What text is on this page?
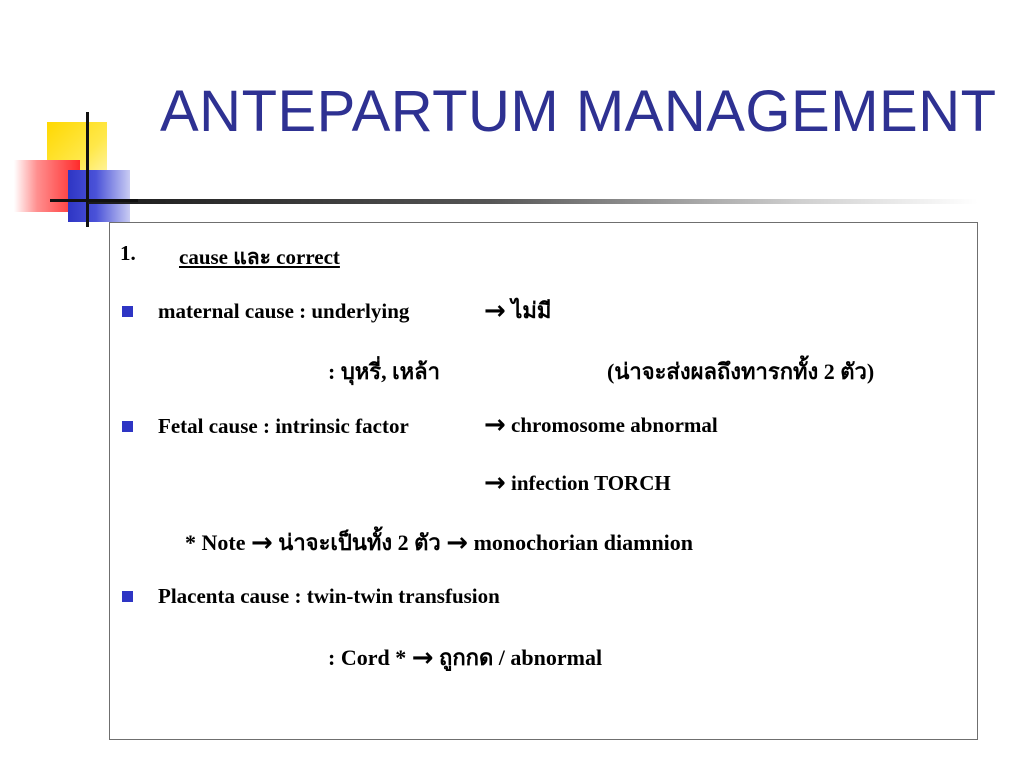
ANTEPARTUM MANAGEMENT
1. cause และ correct
maternal cause : underlying	→ ไม่มี
: บุหรี่, เหล้า	(น่าจะส่งผลถึงทารกทั้ง 2 ตัว)
Fetal cause : intrinsic factor	→ chromosome abnormal
→ infection TORCH
* Note → น่าจะเป็นทั้ง 2 ตัว → monochorian diamnion
Placenta cause : twin-twin transfusion
: Cord * → ถูกกด / abnormal
